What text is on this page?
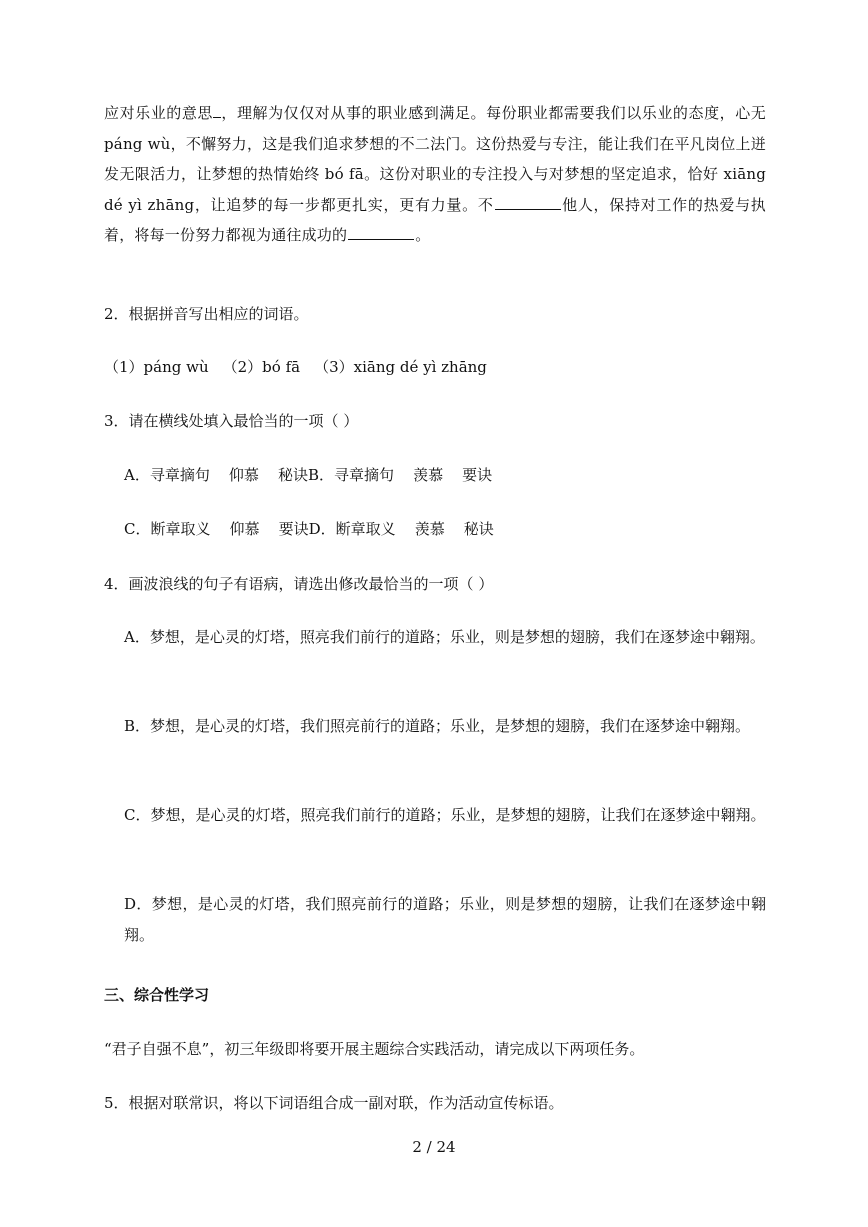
应对乐业的意思 ，理解为仅仅对从事的职业感到满足。每份职业都需要我们以乐业的态度，心无 páng wù，不懈努力，这是我们追求梦想的不二法门。这份热爱与专注，能让我们在平凡岗位上迸发无限活力，让梦想的热情始终 bó fā。这份对职业的专注投入与对梦想的坚定追求，恰好 xiāng dé yì zhāng，让追梦的每一步都更扎实，更有力量。不	他人，保持对工作的热爱与执着，将每一份努力都视为通往成功的	。

2．根据拼音写出相应的词语。

（1）páng wù （2）bó fā （3）xiāng dé yì zhāng

3．请在横线处填入最恰当的一项（ ）

A．寻章摘句    仰慕    秘诀B．寻章摘句    羡慕    要诀

C．断章取义    仰慕    要诀D．断章取义    羡慕    秘诀

4．画波浪线的句子有语病，请选出修改最恰当的一项（ ）

A．梦想，是心灵的灯塔，照亮我们前行的道路；乐业，则是梦想的翅膀，我们在逐梦途中翱翔。

B．梦想，是心灵的灯塔，我们照亮前行的道路；乐业，是梦想的翅膀，我们在逐梦途中翱翔。

C．梦想，是心灵的灯塔，照亮我们前行的道路；乐业，是梦想的翅膀，让我们在逐梦途中翱翔。

D．梦想，是心灵的灯塔，我们照亮前行的道路；乐业，则是梦想的翅膀，让我们在逐梦途中翱翔。

三、综合性学习

“君子自强不息”，初三年级即将要开展主题综合实践活动，请完成以下两项任务。

5．根据对联常识，将以下词语组合成一副对联，作为活动宣传标语。

2 / 24
